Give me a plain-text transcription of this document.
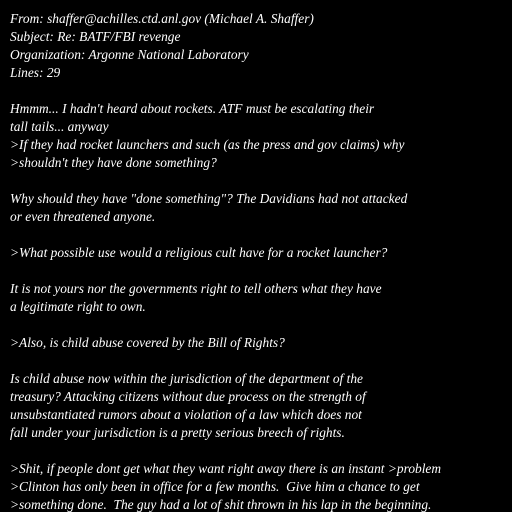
From: shaffer@achilles.ctd.anl.gov (Michael A. Shaffer)
Subject: Re: BATF/FBI revenge
Organization: Argonne National Laboratory
Lines: 29
Hmmm... I hadn't heard about rockets. ATF must be escalating their
tall tails... anyway
>If they had rocket launchers and such (as the press and gov claims) why
>shouldn't they have done something?
Why should they have "done something"? The Davidians had not attacked
or even threatened anyone.
>What possible use would a religious cult have for a rocket launcher?
It is not yours nor the governments right to tell others what they have
a legitimate right to own.
>Also, is child abuse covered by the Bill of Rights?
Is child abuse now within the jurisdiction of the department of the
treasury? Attacking citizens without due process on the strength of
unsubstantiated rumors about a violation of a law which does not
fall under your jurisdiction is a pretty serious breech of rights.
>Shit, if people dont get what they want right away there is an instant >problem
>Clinton has only been in office for a few months.  Give him a chance to get
>something done.  The guy had a lot of shit thrown in his lap in the beginning.
